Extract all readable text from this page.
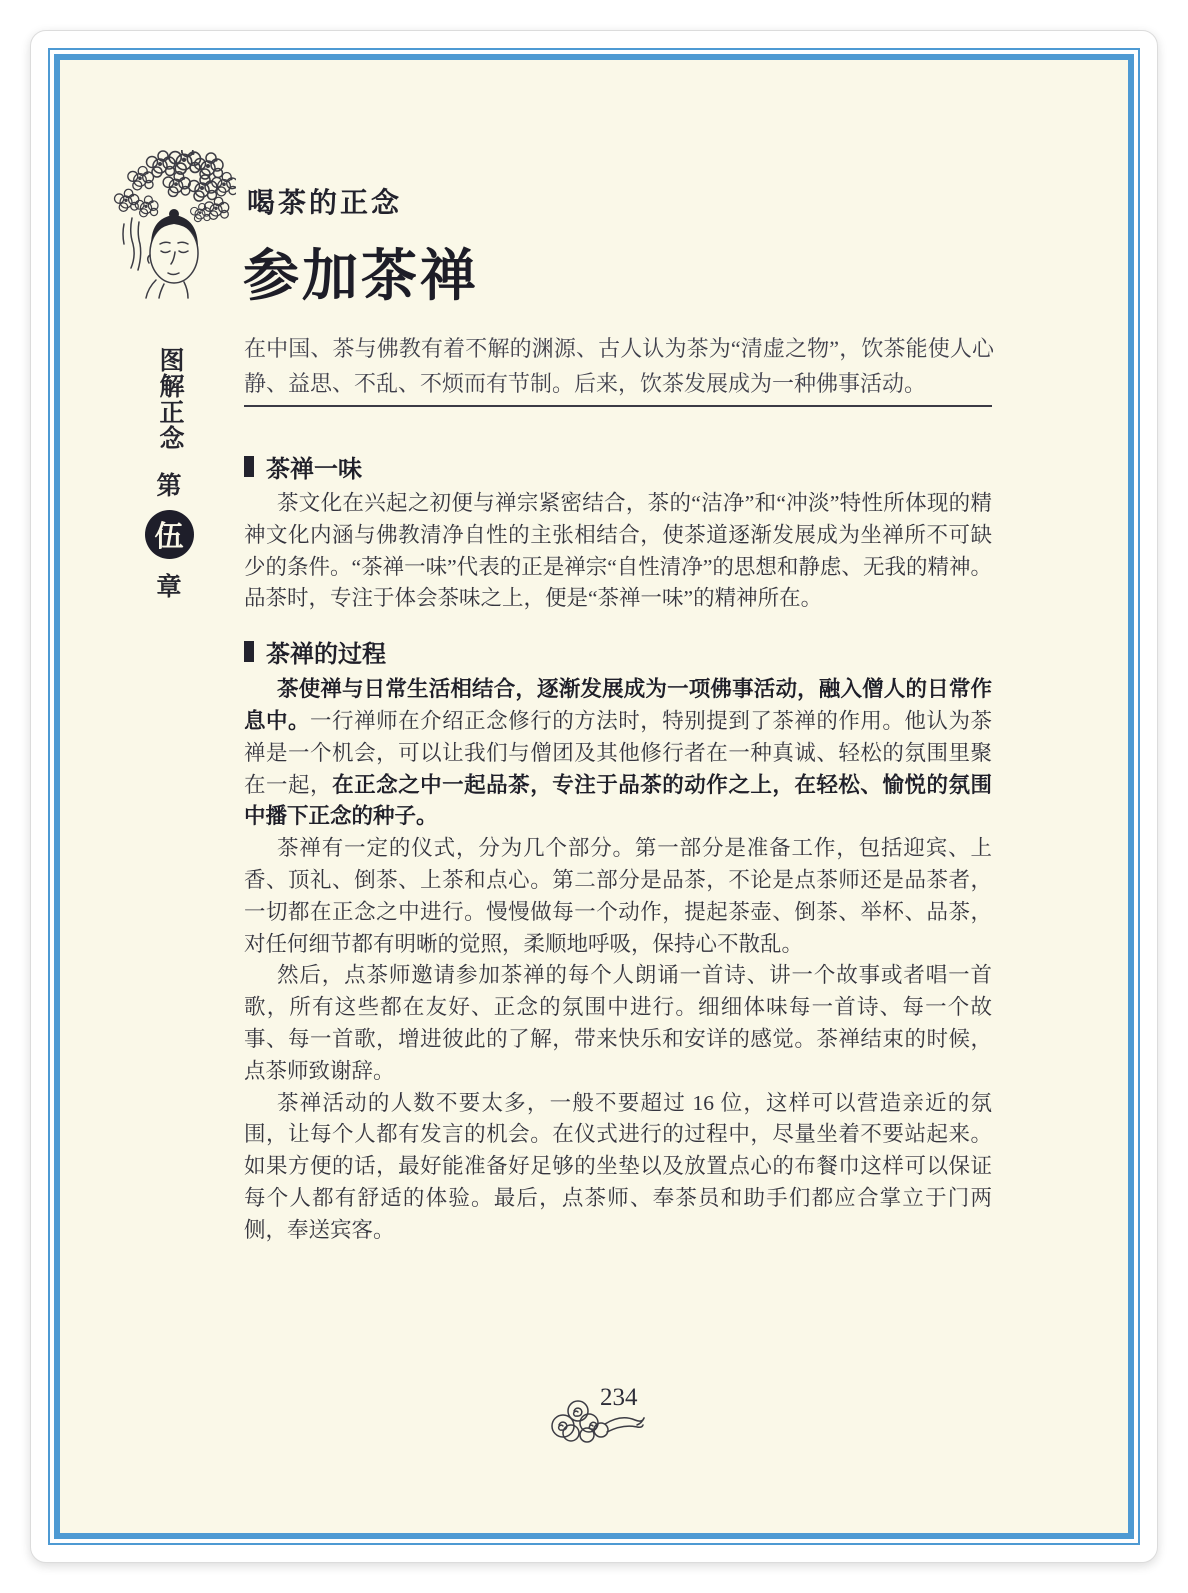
喝茶的正念
参加茶禅
在中国、茶与佛教有着不解的渊源、古人认为茶为“清虚之物”，饮茶能使人心静、益思、不乱、不烦而有节制。后来，饮茶发展成为一种佛事活动。
图解正念
第
伍
章
茶禅一味

茶文化在兴起之初便与禅宗紧密结合，茶的“洁净”和“冲淡”特性所体现的精神文化内涵与佛教清净自性的主张相结合，使茶道逐渐发展成为坐禅所不可缺少的条件。“茶禅一味”代表的正是禅宗“自性清净”的思想和静虑、无我的精神。品茶时，专注于体会茶味之上，便是“茶禅一味”的精神所在。

茶禅的过程

茶使禅与日常生活相结合，逐渐发展成为一项佛事活动，融入僧人的日常作息中。一行禅师在介绍正念修行的方法时，特别提到了茶禅的作用。他认为茶禅是一个机会，可以让我们与僧团及其他修行者在一种真诚、轻松的氛围里聚在一起，在正念之中一起品茶，专注于品茶的动作之上，在轻松、愉悦的氛围中播下正念的种子。

茶禅有一定的仪式，分为几个部分。第一部分是准备工作，包括迎宾、上香、顶礼、倒茶、上茶和点心。第二部分是品茶，不论是点茶师还是品茶者，一切都在正念之中进行。慢慢做每一个动作，提起茶壶、倒茶、举杯、品茶，对任何细节都有明晰的觉照，柔顺地呼吸，保持心不散乱。

然后，点茶师邀请参加茶禅的每个人朗诵一首诗、讲一个故事或者唱一首歌，所有这些都在友好、正念的氛围中进行。细细体味每一首诗、每一个故事、每一首歌，增进彼此的了解，带来快乐和安详的感觉。茶禅结束的时候，点茶师致谢辞。

茶禅活动的人数不要太多，一般不要超过 16 位，这样可以营造亲近的氛围，让每个人都有发言的机会。在仪式进行的过程中，尽量坐着不要站起来。如果方便的话，最好能准备好足够的坐垫以及放置点心的布餐巾这样可以保证每个人都有舒适的体验。最后，点茶师、奉茶员和助手们都应合掌立于门两侧，奉送宾客。

234
